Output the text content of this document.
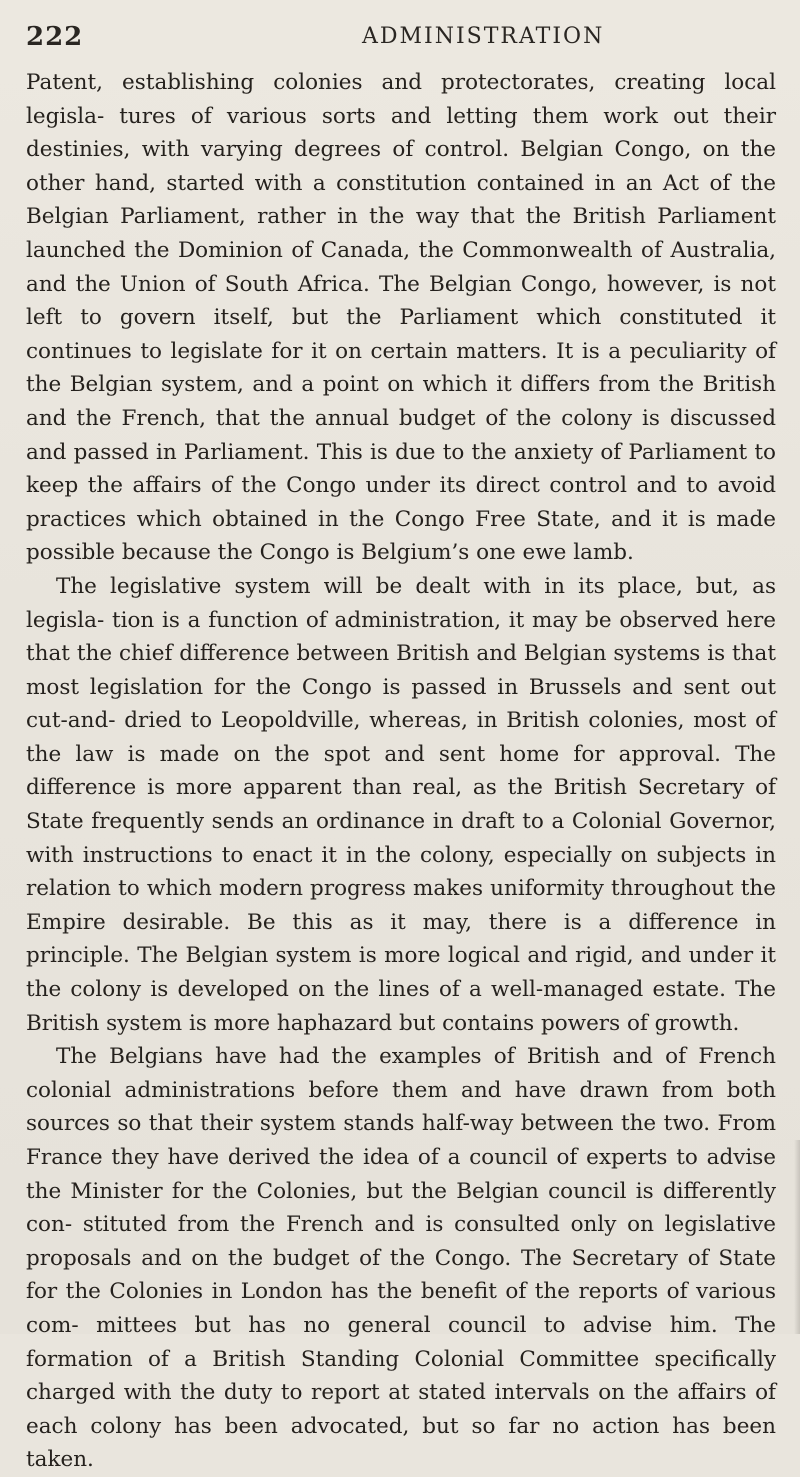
222	ADMINISTRATION

Patent, establishing colonies and protectorates, creating local legisla- tures of various sorts and letting them work out their destinies, with varying degrees of control. Belgian Congo, on the other hand, started with a constitution contained in an Act of the Belgian Parliament, rather in the way that the British Parliament launched the Dominion of Canada, the Commonwealth of Australia, and the Union of South Africa. The Belgian Congo, however, is not left to govern itself, but the Parliament which constituted it continues to legislate for it on certain matters. It is a peculiarity of the Belgian system, and a point on which it differs from the British and the French, that the annual budget of the colony is discussed and passed in Parliament. This is due to the anxiety of Parliament to keep the affairs of the Congo under its direct control and to avoid practices which obtained in the Congo Free State, and it is made possible because the Congo is Belgium’s one ewe lamb.

The legislative system will be dealt with in its place, but, as legisla- tion is a function of administration, it may be observed here that the chief difference between British and Belgian systems is that most legislation for the Congo is passed in Brussels and sent out cut-and- dried to Leopoldville, whereas, in British colonies, most of the law is made on the spot and sent home for approval. The difference is more apparent than real, as the British Secretary of State frequently sends an ordinance in draft to a Colonial Governor, with instructions to enact it in the colony, especially on subjects in relation to which modern progress makes uniformity throughout the Empire desirable. Be this as it may, there is a difference in principle. The Belgian system is more logical and rigid, and under it the colony is developed on the lines of a well-managed estate. The British system is more haphazard but contains powers of growth.

The Belgians have had the examples of British and of French colonial administrations before them and have drawn from both sources so that their system stands half-way between the two. From France they have derived the idea of a council of experts to advise the Minister for the Colonies, but the Belgian council is differently con- stituted from the French and is consulted only on legislative proposals and on the budget of the Congo. The Secretary of State for the Colonies in London has the benefit of the reports of various com- mittees but has no general council to advise him. The formation of a British Standing Colonial Committee specifically charged with the duty to report at stated intervals on the affairs of each colony has been advocated, but so far no action has been taken.
